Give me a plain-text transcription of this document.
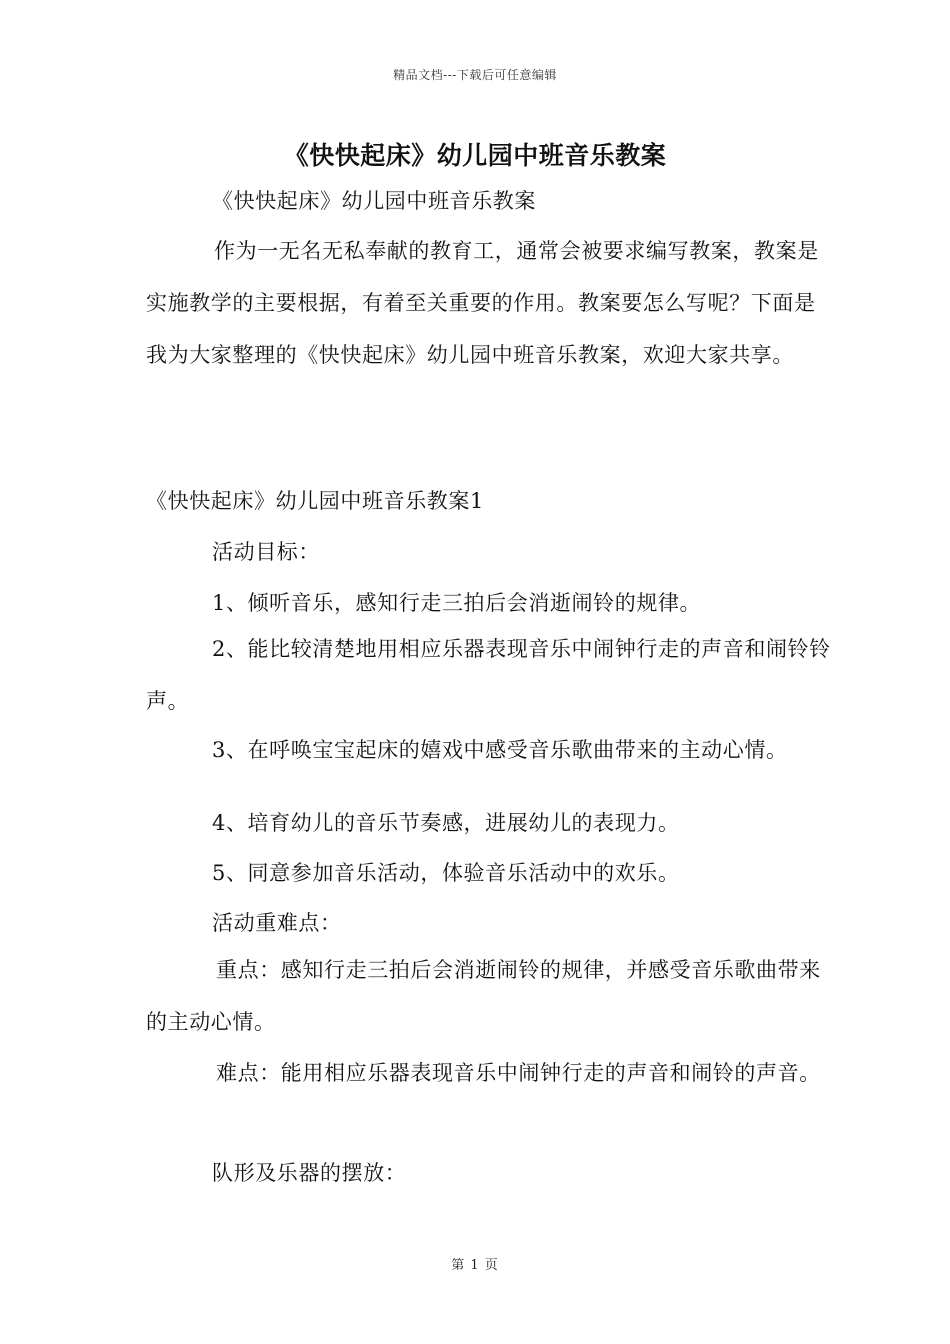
精品文档---下载后可任意编辑
《快快起床》幼儿园中班音乐教案
《快快起床》幼儿园中班音乐教案
作为一无名无私奉献的教育工，通常会被要求编写教案，教案是实施教学的主要根据，有着至关重要的作用。教案要怎么写呢？下面是我为大家整理的《快快起床》幼儿园中班音乐教案，欢迎大家共享。
《快快起床》幼儿园中班音乐教案1
活动目标：
1、倾听音乐，感知行走三拍后会消逝闹铃的规律。
2、能比较清楚地用相应乐器表现音乐中闹钟行走的声音和闹铃铃声。
3、在呼唤宝宝起床的嬉戏中感受音乐歌曲带来的主动心情。
4、培育幼儿的音乐节奏感，进展幼儿的表现力。
5、同意参加音乐活动，体验音乐活动中的欢乐。
活动重难点：
重点：感知行走三拍后会消逝闹铃的规律，并感受音乐歌曲带来的主动心情。
难点：能用相应乐器表现音乐中闹钟行走的声音和闹铃的声音。
队形及乐器的摆放：
第 1 页
